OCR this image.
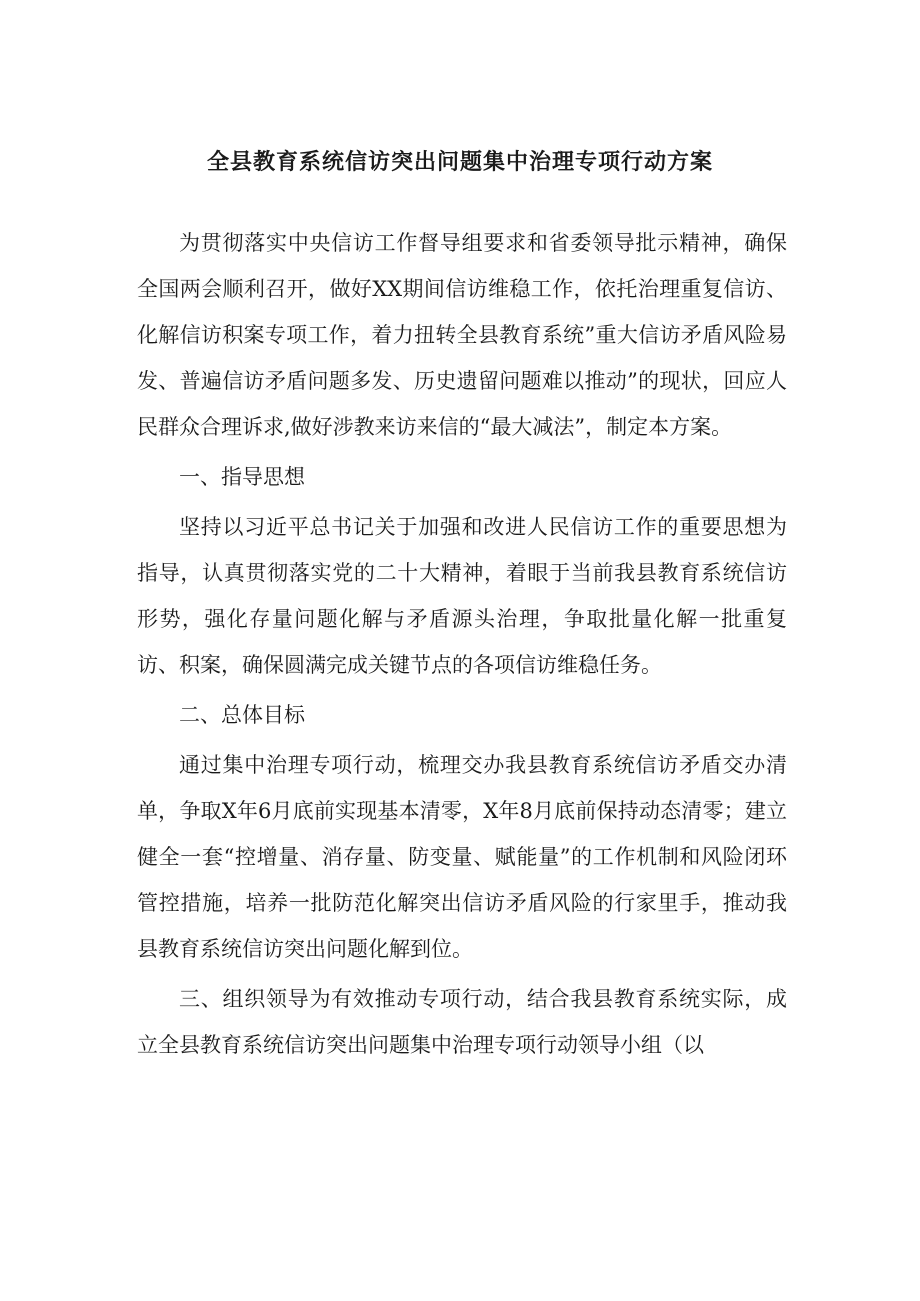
全县教育系统信访突出问题集中治理专项行动方案

为贯彻落实中央信访工作督导组要求和省委领导批示精神，确保全国两会顺利召开，做好XX期间信访维稳工作，依托治理重复信访、化解信访积案专项工作，着力扭转全县教育系统”重大信访矛盾风险易发、普遍信访矛盾问题多发、历史遗留问题难以推动”的现状，回应人民群众合理诉求,做好涉教来访来信的“最大减法”，制定本方案。

一、指导思想

坚持以习近平总书记关于加强和改进人民信访工作的重要思想为指导，认真贯彻落实党的二十大精神，着眼于当前我县教育系统信访形势，强化存量问题化解与矛盾源头治理，争取批量化解一批重复访、积案，确保圆满完成关键节点的各项信访维稳任务。

二、总体目标

通过集中治理专项行动，梳理交办我县教育系统信访矛盾交办清单，争取X年6月底前实现基本清零，X年8月底前保持动态清零；建立健全一套“控增量、消存量、防变量、赋能量”的工作机制和风险闭环管控措施，培养一批防范化解突出信访矛盾风险的行家里手，推动我县教育系统信访突出问题化解到位。

三、组织领导为有效推动专项行动，结合我县教育系统实际，成立全县教育系统信访突出问题集中治理专项行动领导小组（以
